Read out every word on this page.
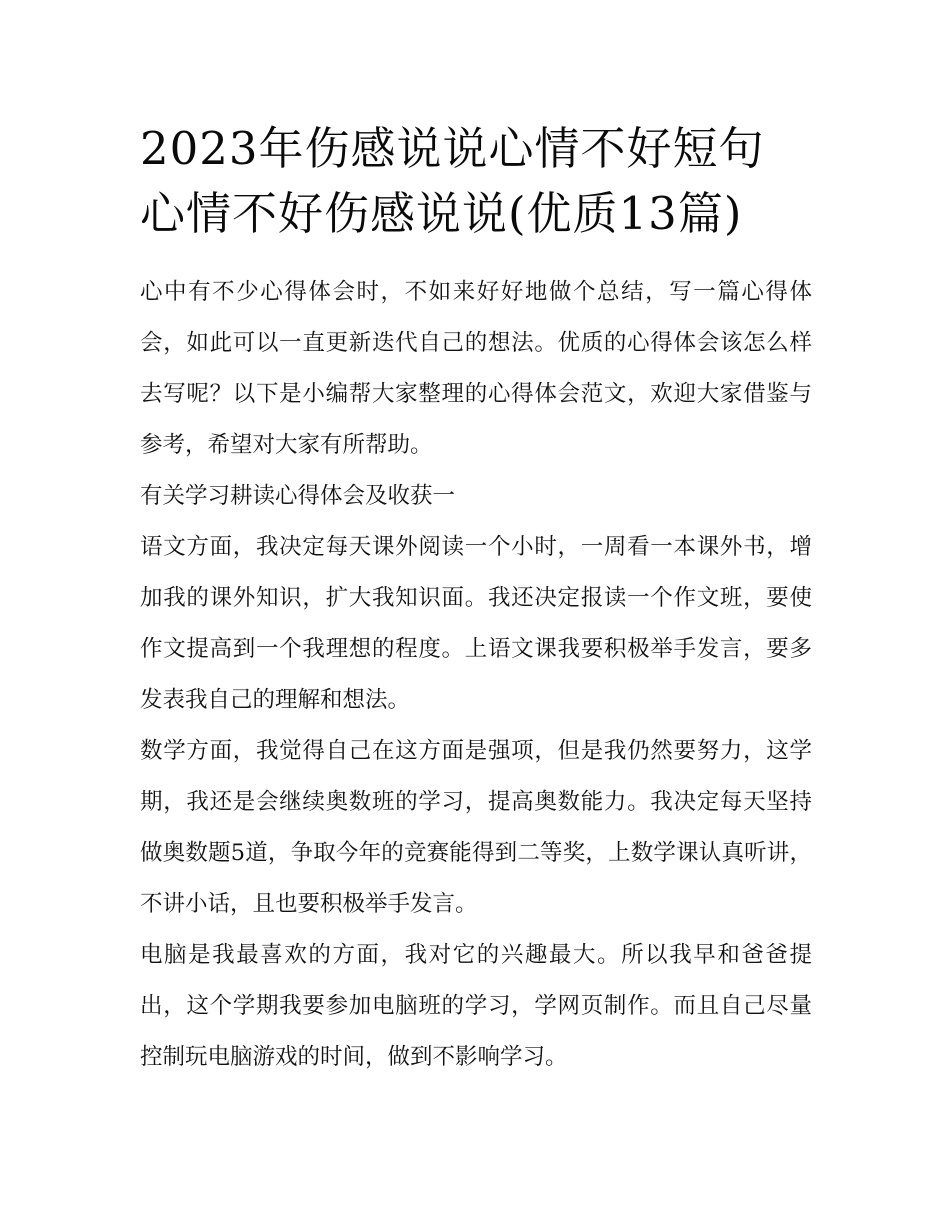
2023年伤感说说心情不好短句
心情不好伤感说说(优质13篇)

心中有不少心得体会时，不如来好好地做个总结，写一篇心得体会，如此可以一直更新迭代自己的想法。优质的心得体会该怎么样去写呢？以下是小编帮大家整理的心得体会范文，欢迎大家借鉴与参考，希望对大家有所帮助。

有关学习耕读心得体会及收获一

语文方面，我决定每天课外阅读一个小时，一周看一本课外书，增加我的课外知识，扩大我知识面。我还决定报读一个作文班，要使作文提高到一个我理想的程度。上语文课我要积极举手发言，要多发表我自己的理解和想法。

数学方面，我觉得自己在这方面是强项，但是我仍然要努力，这学期，我还是会继续奥数班的学习，提高奥数能力。我决定每天坚持做奥数题5道，争取今年的竞赛能得到二等奖，上数学课认真听讲，不讲小话，且也要积极举手发言。

电脑是我最喜欢的方面，我对它的兴趣最大。所以我早和爸爸提出，这个学期我要参加电脑班的学习，学网页制作。而且自己尽量控制玩电脑游戏的时间，做到不影响学习。
